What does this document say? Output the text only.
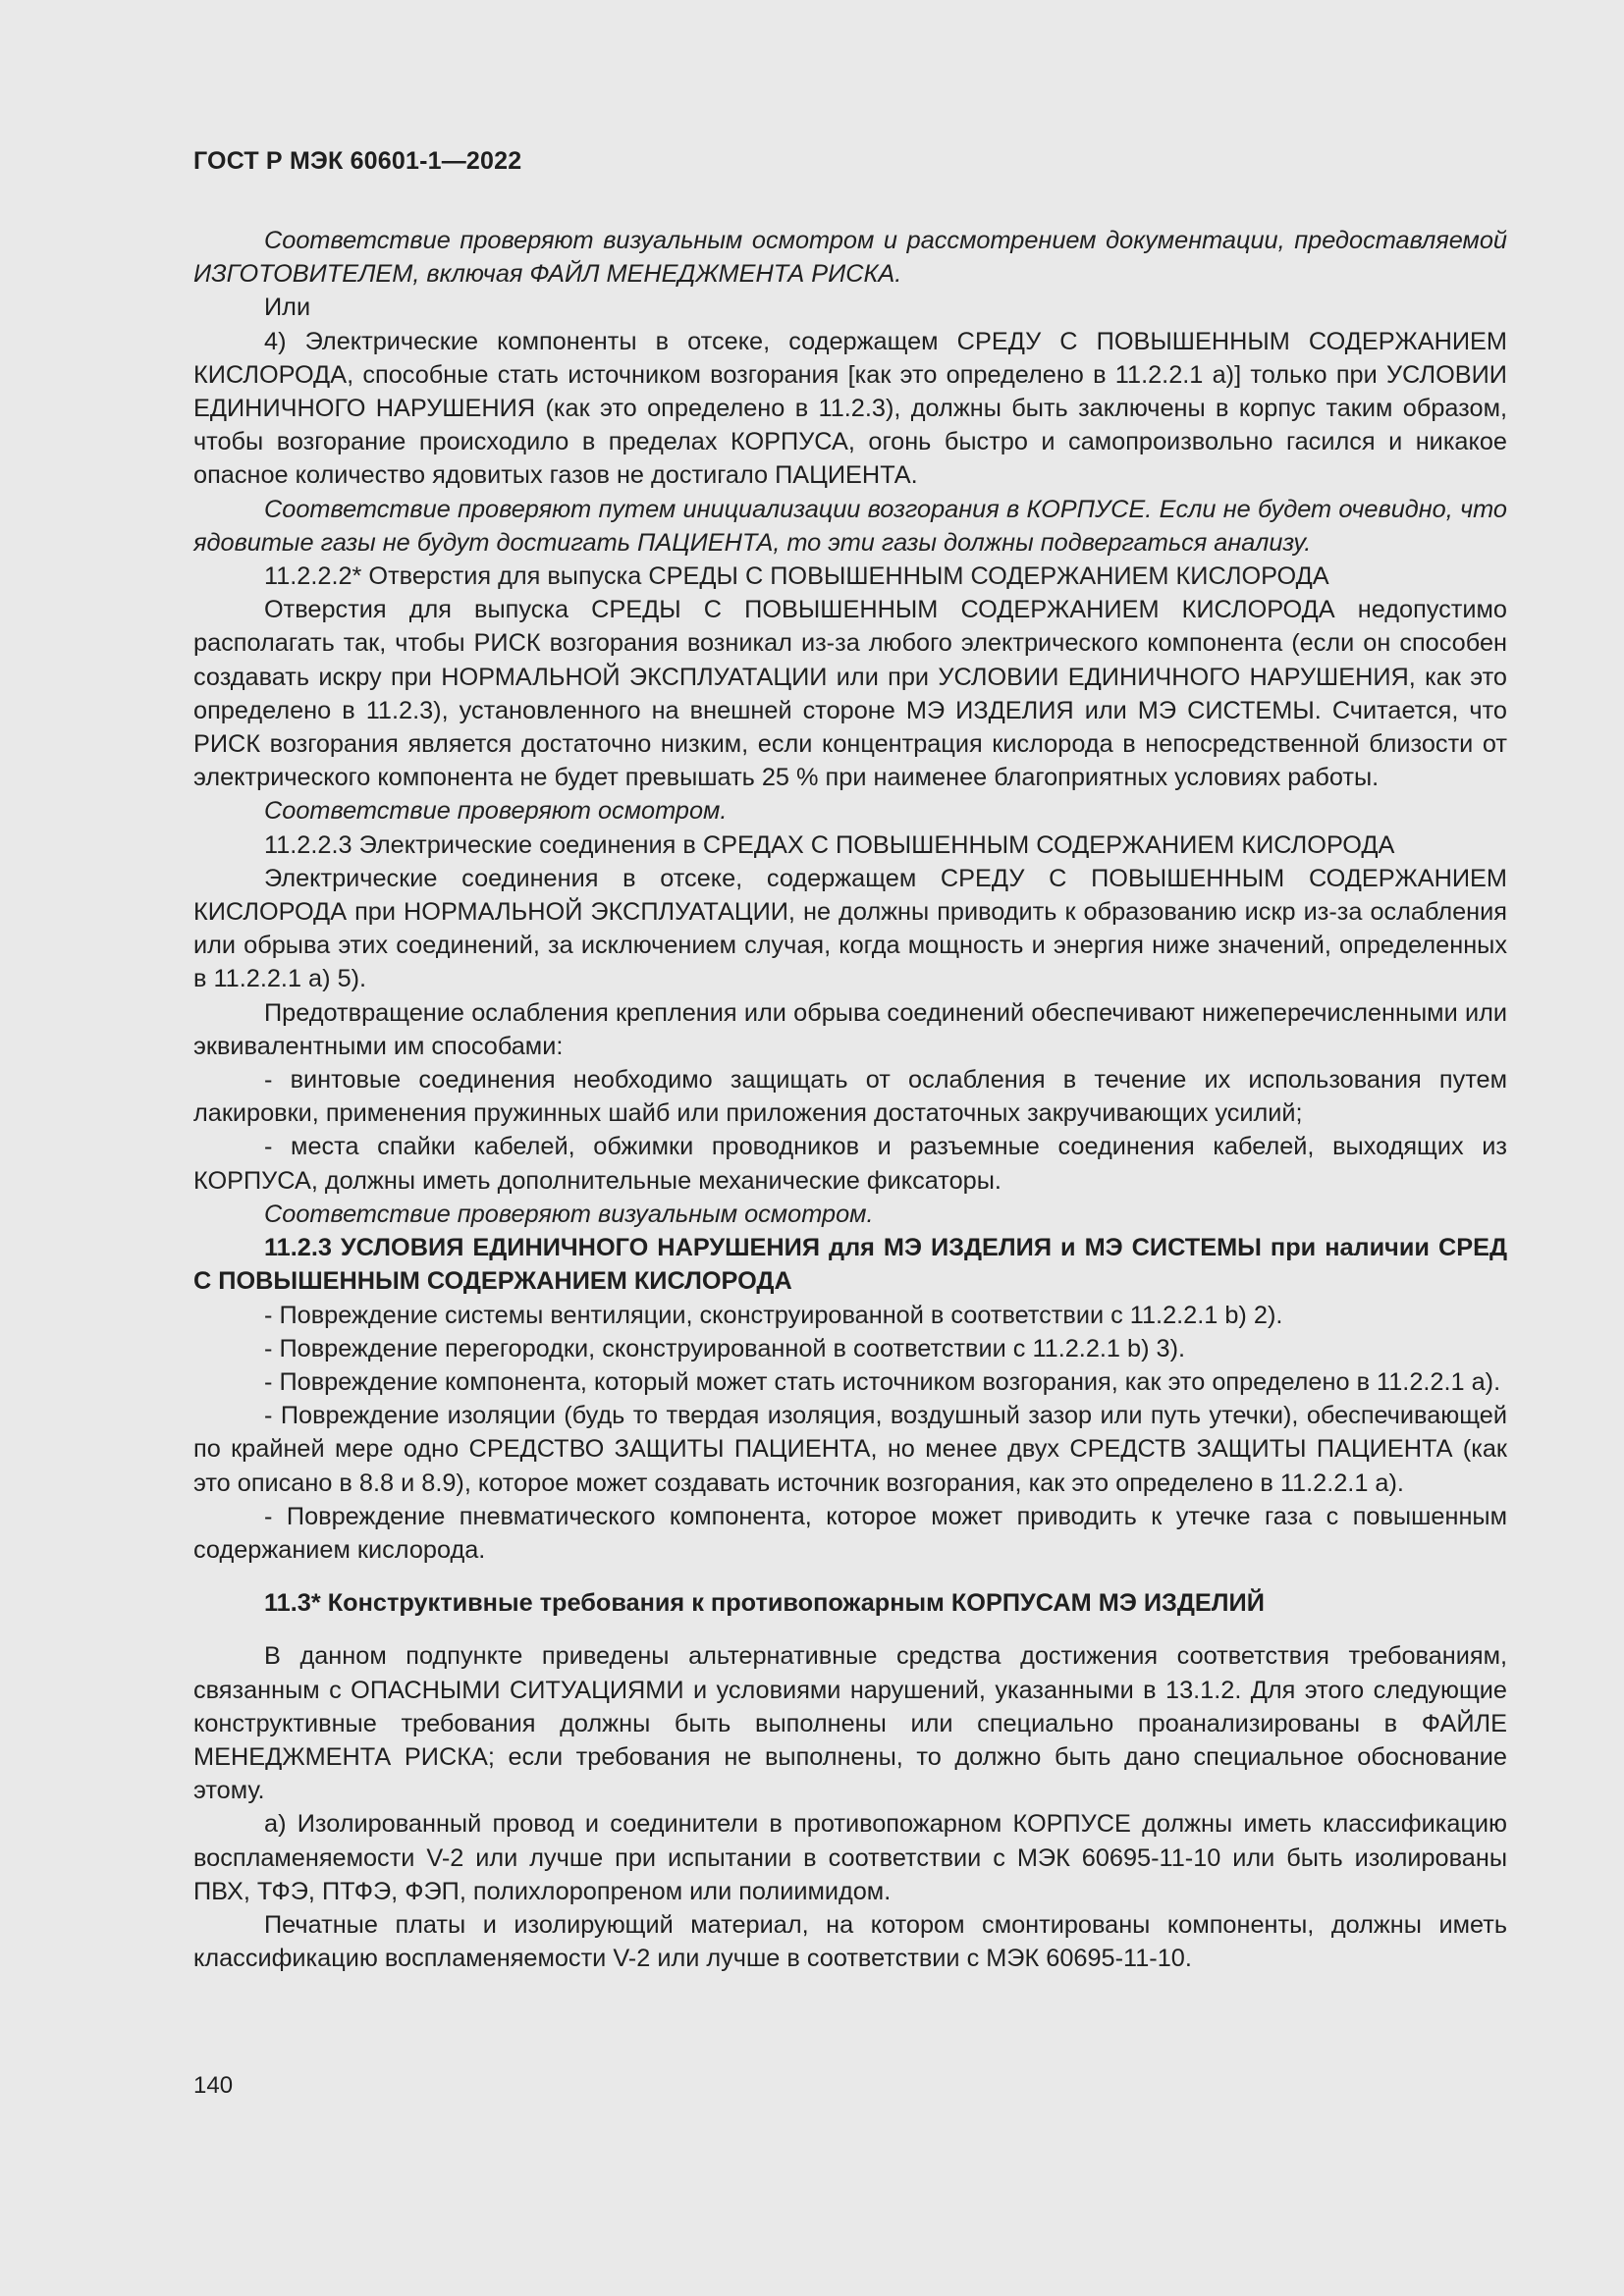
ГОСТ Р МЭК 60601-1—2022

Соответствие проверяют визуальным осмотром и рассмотрением документации, предоставляемой ИЗГОТОВИТЕЛЕМ, включая ФАЙЛ МЕНЕДЖМЕНТА РИСКА.

Или

4) Электрические компоненты в отсеке, содержащем СРЕДУ С ПОВЫШЕННЫМ СОДЕРЖАНИЕМ КИСЛОРОДА, способные стать источником возгорания [как это определено в 11.2.2.1 а)] только при УСЛОВИИ ЕДИНИЧНОГО НАРУШЕНИЯ (как это определено в 11.2.3), должны быть заключены в корпус таким образом, чтобы возгорание происходило в пределах КОРПУСА, огонь быстро и самопроизвольно гасился и никакое опасное количество ядовитых газов не достигало ПАЦИЕНТА.

Соответствие проверяют путем инициализации возгорания в КОРПУСЕ. Если не будет очевидно, что ядовитые газы не будут достигать ПАЦИЕНТА, то эти газы должны подвергаться анализу.

11.2.2.2* Отверстия для выпуска СРЕДЫ С ПОВЫШЕННЫМ СОДЕРЖАНИЕМ КИСЛОРОДА

Отверстия для выпуска СРЕДЫ С ПОВЫШЕННЫМ СОДЕРЖАНИЕМ КИСЛОРОДА недопустимо располагать так, чтобы РИСК возгорания возникал из-за любого электрического компонента (если он способен создавать искру при НОРМАЛЬНОЙ ЭКСПЛУАТАЦИИ или при УСЛОВИИ ЕДИНИЧНОГО НАРУШЕНИЯ, как это определено в 11.2.3), установленного на внешней стороне МЭ ИЗДЕЛИЯ или МЭ СИСТЕМЫ. Считается, что РИСК возгорания является достаточно низким, если концентрация кислорода в непосредственной близости от электрического компонента не будет превышать 25 % при наименее благоприятных условиях работы.

Соответствие проверяют осмотром.

11.2.2.3 Электрические соединения в СРЕДАХ С ПОВЫШЕННЫМ СОДЕРЖАНИЕМ КИСЛОРОДА

Электрические соединения в отсеке, содержащем СРЕДУ С ПОВЫШЕННЫМ СОДЕРЖАНИЕМ КИСЛОРОДА при НОРМАЛЬНОЙ ЭКСПЛУАТАЦИИ, не должны приводить к образованию искр из-за ослабления или обрыва этих соединений, за исключением случая, когда мощность и энергия ниже значений, определенных в 11.2.2.1 а) 5).

Предотвращение ослабления крепления или обрыва соединений обеспечивают нижеперечисленными или эквивалентными им способами:

- винтовые соединения необходимо защищать от ослабления в течение их использования путем лакировки, применения пружинных шайб или приложения достаточных закручивающих усилий;

- места спайки кабелей, обжимки проводников и разъемные соединения кабелей, выходящих из КОРПУСА, должны иметь дополнительные механические фиксаторы.

Соответствие проверяют визуальным осмотром.

11.2.3 УСЛОВИЯ ЕДИНИЧНОГО НАРУШЕНИЯ для МЭ ИЗДЕЛИЯ и МЭ СИСТЕМЫ при наличии СРЕД С ПОВЫШЕННЫМ СОДЕРЖАНИЕМ КИСЛОРОДА

- Повреждение системы вентиляции, сконструированной в соответствии с 11.2.2.1 b) 2).

- Повреждение перегородки, сконструированной в соответствии с 11.2.2.1 b) 3).

- Повреждение компонента, который может стать источником возгорания, как это определено в 11.2.2.1 а).

- Повреждение изоляции (будь то твердая изоляция, воздушный зазор или путь утечки), обеспечивающей по крайней мере одно СРЕДСТВО ЗАЩИТЫ ПАЦИЕНТА, но менее двух СРЕДСТВ ЗАЩИТЫ ПАЦИЕНТА (как это описано в 8.8 и 8.9), которое может создавать источник возгорания, как это определено в 11.2.2.1 а).

- Повреждение пневматического компонента, которое может приводить к утечке газа с повышенным содержанием кислорода.

11.3* Конструктивные требования к противопожарным КОРПУСАМ МЭ ИЗДЕЛИЙ

В данном подпункте приведены альтернативные средства достижения соответствия требованиям, связанным с ОПАСНЫМИ СИТУАЦИЯМИ и условиями нарушений, указанными в 13.1.2. Для этого следующие конструктивные требования должны быть выполнены или специально проанализированы в ФАЙЛЕ МЕНЕДЖМЕНТА РИСКА; если требования не выполнены, то должно быть дано специальное обоснование этому.

а) Изолированный провод и соединители в противопожарном КОРПУСЕ должны иметь классификацию воспламеняемости V-2 или лучше при испытании в соответствии с МЭК 60695-11-10 или быть изолированы ПВХ, ТФЭ, ПТФЭ, ФЭП, полихлоропреном или полиимидом.

Печатные платы и изолирующий материал, на котором смонтированы компоненты, должны иметь классификацию воспламеняемости V-2 или лучше в соответствии с МЭК 60695-11-10.

140
